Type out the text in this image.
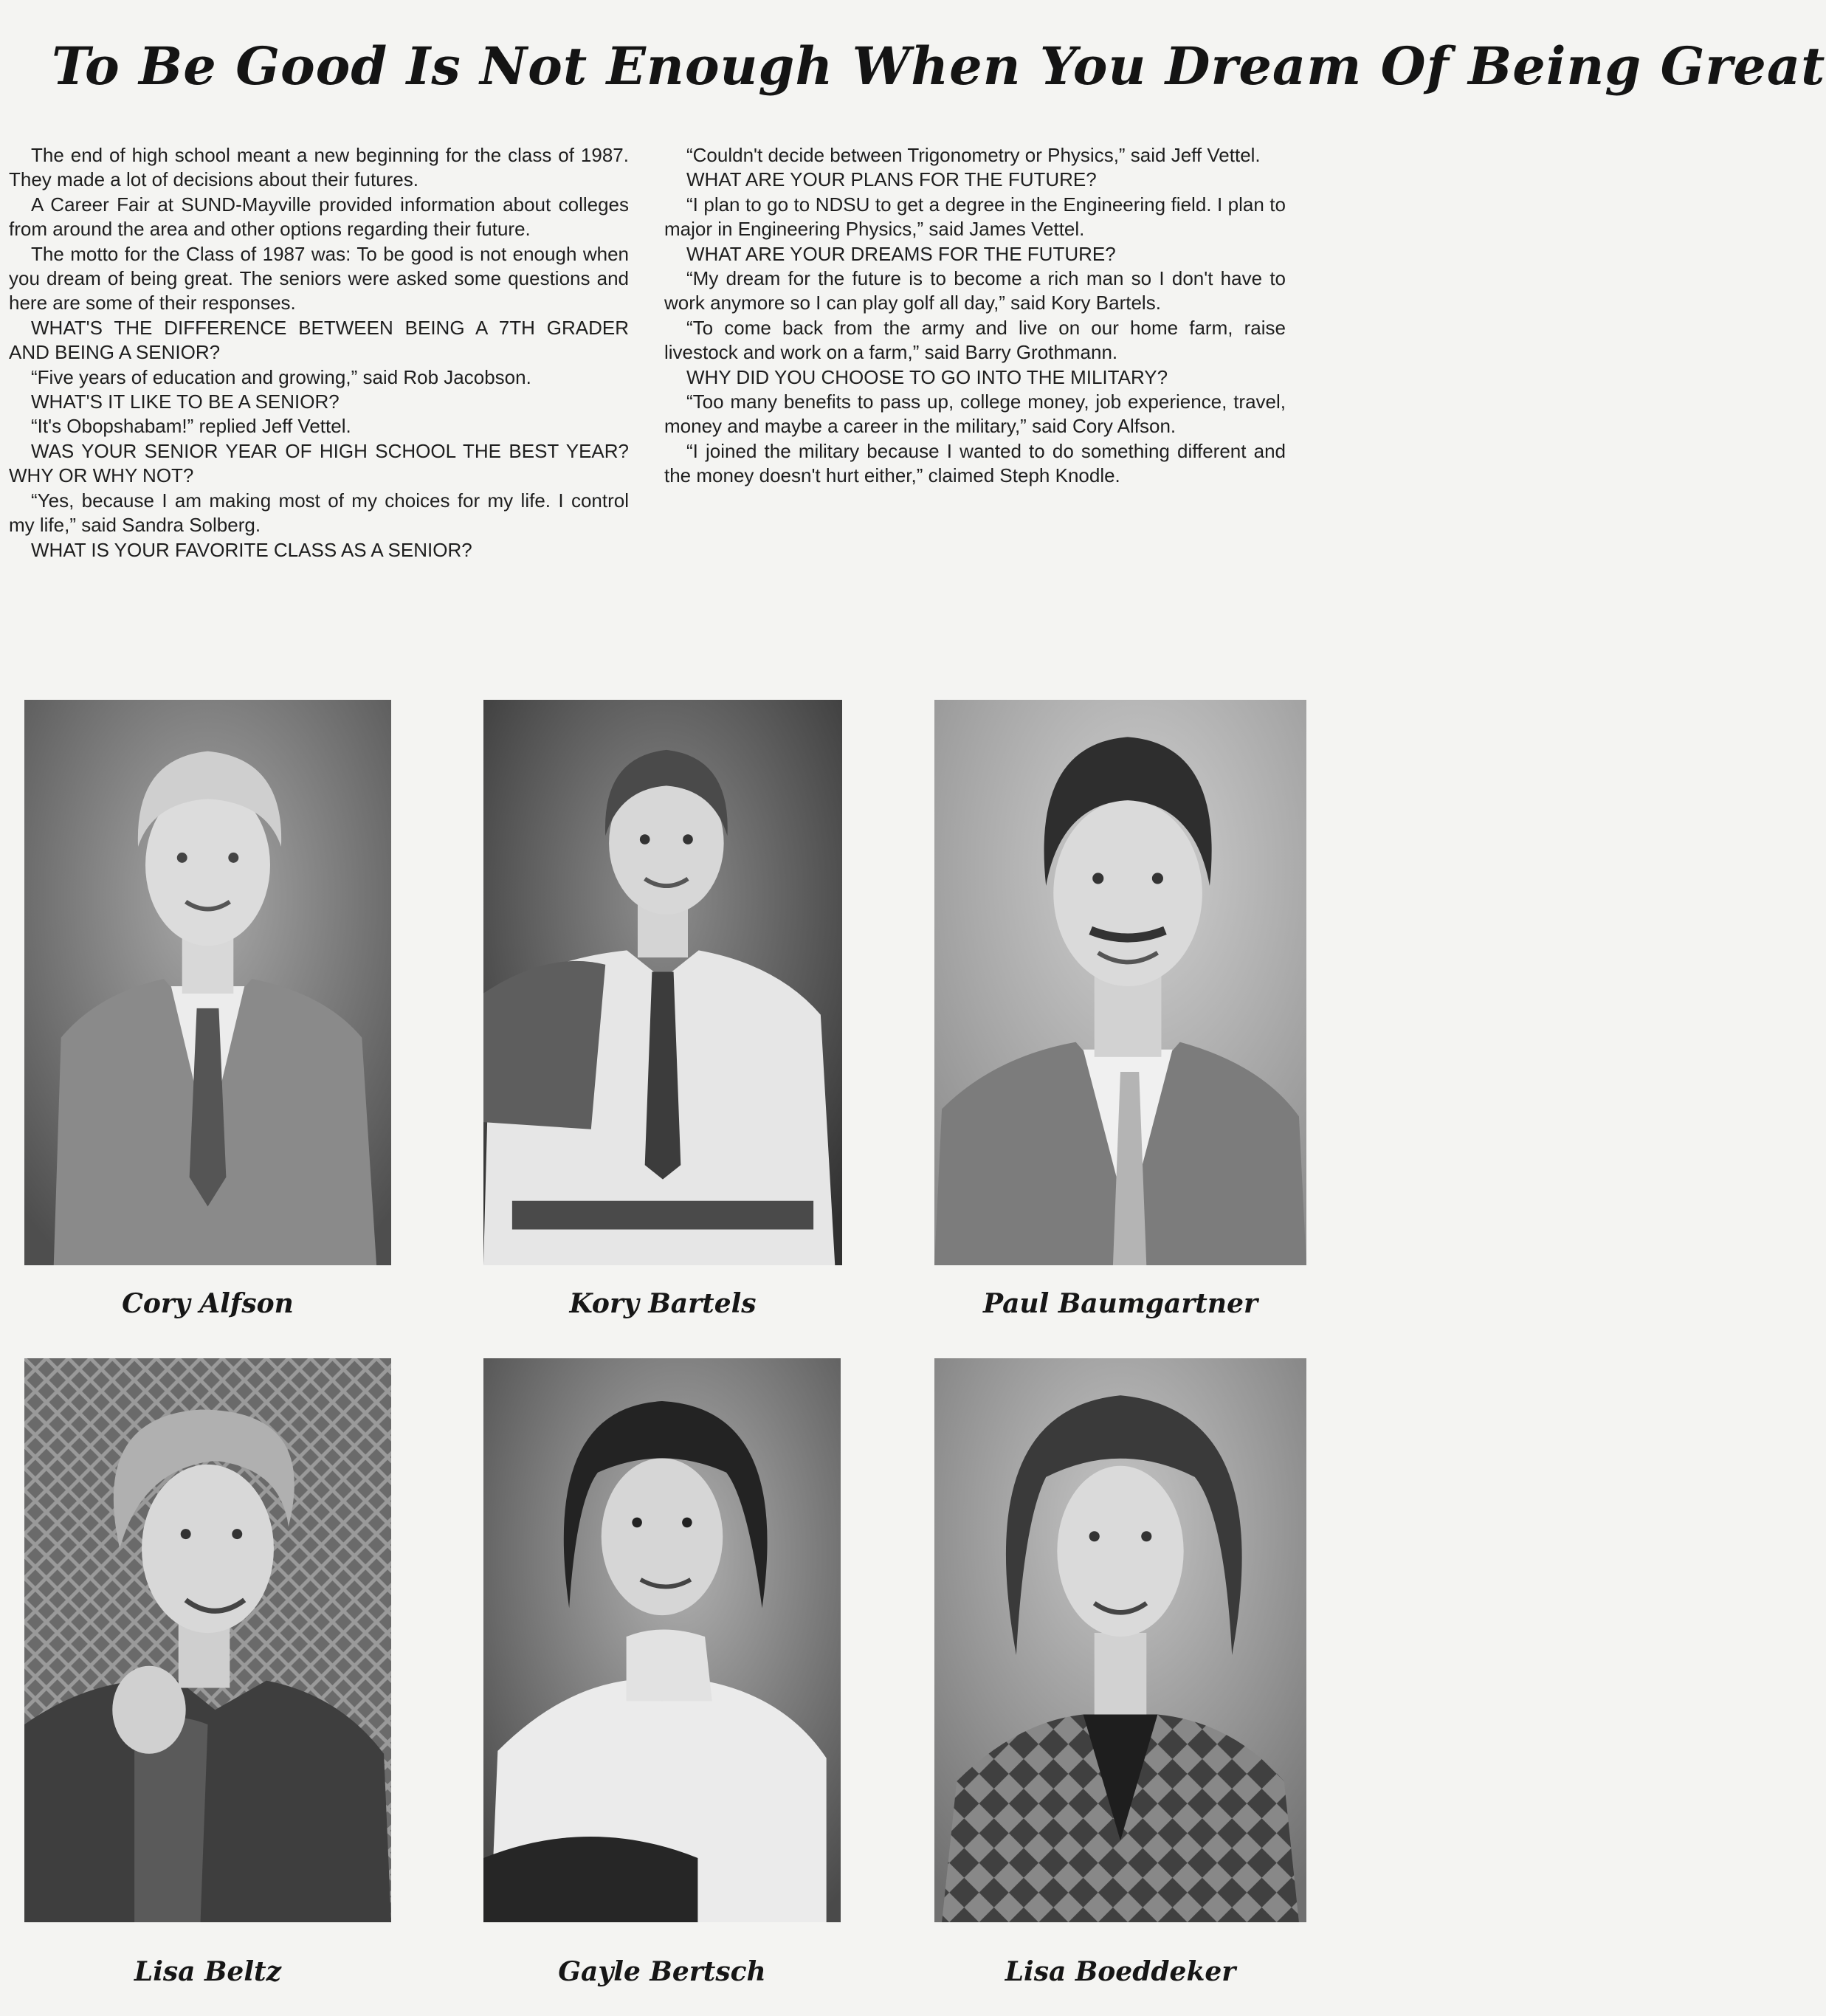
To Be Good Is Not Enough When You Dream Of Being Great

The end of high school meant a new beginning for the class of 1987. They made a lot of decisions about their futures.

A Career Fair at SUND-Mayville provided information about colleges from around the area and other options regarding their future.

The motto for the Class of 1987 was: To be good is not enough when you dream of being great. The seniors were asked some questions and here are some of their responses.

WHAT'S THE DIFFERENCE BETWEEN BEING A 7TH GRADER AND BEING A SENIOR?

“Five years of education and growing,” said Rob Jacobson.

WHAT'S IT LIKE TO BE A SENIOR?

“It's Obopshabam!” replied Jeff Vettel.

WAS YOUR SENIOR YEAR OF HIGH SCHOOL THE BEST YEAR? WHY OR WHY NOT?

“Yes, because I am making most of my choices for my life. I control my life,” said Sandra Solberg.

WHAT IS YOUR FAVORITE CLASS AS A SENIOR?

“Couldn't decide between Trigonometry or Physics,” said Jeff Vettel.

WHAT ARE YOUR PLANS FOR THE FUTURE?

“I plan to go to NDSU to get a degree in the Engineering field. I plan to major in Engineering Physics,” said James Vettel.

WHAT ARE YOUR DREAMS FOR THE FUTURE?

“My dream for the future is to become a rich man so I don't have to work anymore so I can play golf all day,” said Kory Bartels.

“To come back from the army and live on our home farm, raise livestock and work on a farm,” said Barry Grothmann.

WHY DID YOU CHOOSE TO GO INTO THE MILITARY?

“Too many benefits to pass up, college money, job experience, travel, money and maybe a career in the military,” said Cory Alfson.

“I joined the military because I wanted to do something different and the money doesn't hurt either,” claimed Steph Knodle.

Cory Alfson	Kory Bartels	Paul Baumgartner
Lisa Beltz	Gayle Bertsch	Lisa Boeddeker
